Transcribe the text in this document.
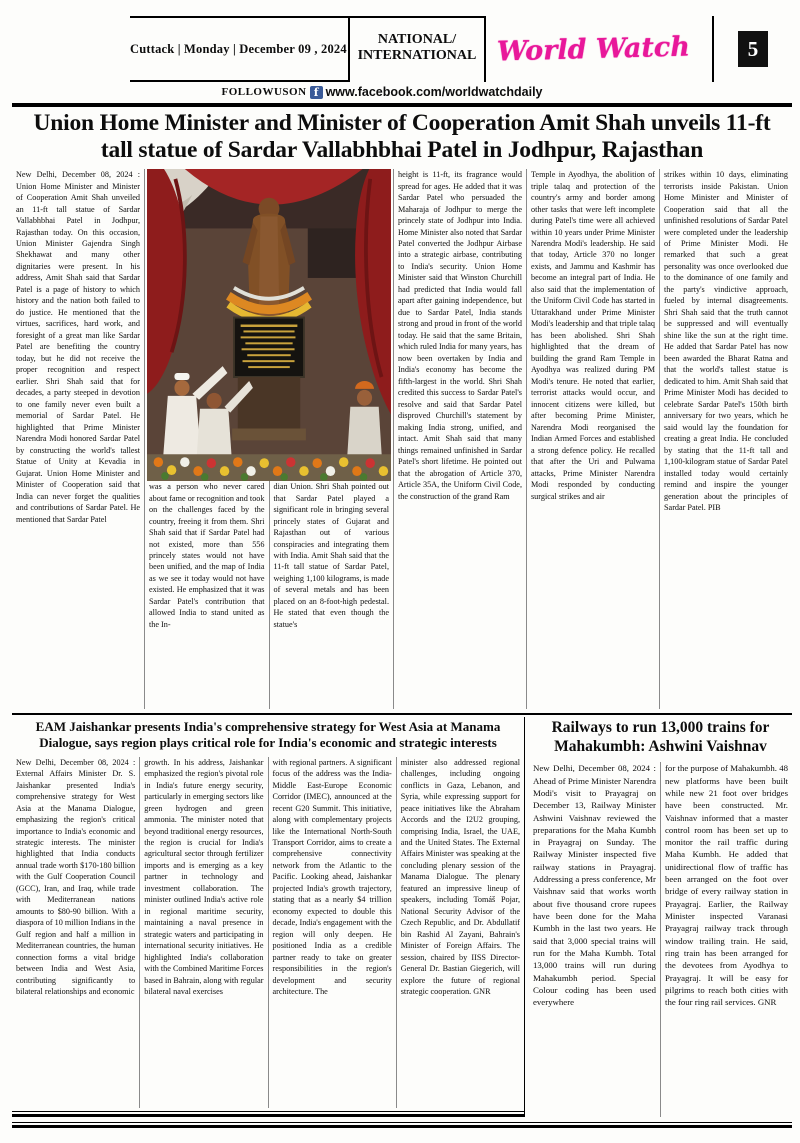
Cuttack | Monday | December 09 , 2024
NATIONAL/
INTERNATIONAL World Watch	5
FOLLOWUSON f www.facebook.com/worldwatchdaily
Union Home Minister and Minister of Cooperation Amit Shah unveils 11-ft tall statue of Sardar Vallabhbhai Patel in Jodhpur, Rajasthan
New Delhi, December 08, 2024 : Union Home Minister and Minister of Cooperation Amit Shah unveiled an 11-ft tall statue of Sardar Vallabhbhai Patel in Jodhpur, Rajasthan today. On this occasion, Union Minister Gajendra Singh Shekhawat and many other dignitaries were present. In his address, Amit Shah said that Sardar Patel is a page of history to which history and the nation both failed to do justice. He mentioned that the virtues, sacrifices, hard work, and foresight of a great man like Sardar Patel are benefiting the country today, but he did not receive the proper recognition and respect earlier. Shri Shah said that for decades, a party steeped in devotion to one family never even built a memorial of Sardar Patel. He highlighted that Prime Minister Narendra Modi honored Sardar Patel by constructing the world's tallest Statue of Unity at Kevadia in Gujarat. Union Home Minister and Minister of Cooperation said that India can never forget the qualities and contributions of Sardar Patel. He mentioned that Sardar Patel
was a person who never cared about fame or recognition and took on the challenges faced by the country, freeing it from them. Shri Shah said that if Sardar Patel had not existed, more than 556 princely states would not have been unified, and the map of India as we see it today would not have existed. He emphasized that it was Sardar Patel's contribution that allowed India to stand united as the In-
dian Union. Shri Shah pointed out that Sardar Patel played a significant role in bringing several princely states of Gujarat and Rajasthan out of various conspiracies and integrating them with India. Amit Shah said that the 11-ft tall statue of Sardar Patel, weighing 1,100 kilograms, is made of several metals and has been placed on an 8-foot-high pedestal. He stated that even though the statue's
height is 11-ft, its fragrance would spread for ages. He added that it was Sardar Patel who persuaded the Maharaja of Jodhpur to merge the princely state of Jodhpur into India. Home Minister also noted that Sardar Patel converted the Jodhpur Airbase into a strategic airbase, contributing to India's security. Union Home Minister said that Winston Churchill had predicted that India would fall apart after gaining independence, but due to Sardar Patel, India stands strong and proud in front of the world today. He said that the same Britain, which ruled India for many years, has now been overtaken by India and India's economy has become the fifth-largest in the world. Shri Shah credited this success to Sardar Patel's resolve and said that Sardar Patel disproved Churchill's statement by making India strong, unified, and intact. Amit Shah said that many things remained unfinished in Sardar Patel's short lifetime. He pointed out that the abrogation of Article 370, Article 35A, the Uniform Civil Code, the construction of the grand Ram
Temple in Ayodhya, the abolition of triple talaq and protection of the country's army and border among other tasks that were left incomplete during Patel's time were all achieved within 10 years under Prime Minister Narendra Modi's leadership. He said that today, Article 370 no longer exists, and Jammu and Kashmir has become an integral part of India. He also said that the implementation of the Uniform Civil Code has started in Uttarakhand under Prime Minister Modi's leadership and that triple talaq has been abolished. Shri Shah highlighted that the dream of building the grand Ram Temple in Ayodhya was realized during PM Modi's tenure. He noted that earlier, terrorist attacks would occur, and innocent citizens were killed, but after becoming Prime Minister, Narendra Modi reorganised the Indian Armed Forces and established a strong defence policy. He recalled that after the Uri and Pulwama attacks, Prime Minister Narendra Modi responded by conducting surgical strikes and air
strikes within 10 days, eliminating terrorists inside Pakistan. Union Home Minister and Minister of Cooperation said that all the unfinished resolutions of Sardar Patel were completed under the leadership of Prime Minister Modi. He remarked that such a great personality was once overlooked due to the dominance of one family and the party's vindictive approach, fueled by internal disagreements. Shri Shah said that the truth cannot be suppressed and will eventually shine like the sun at the right time. He added that Sardar Patel has now been awarded the Bharat Ratna and that the world's tallest statue is dedicated to him. Amit Shah said that Prime Minister Modi has decided to celebrate Sardar Patel's 150th birth anniversary for two years, which he said would lay the foundation for creating a great India. He concluded by stating that the 11-ft tall and 1,100-kilogram statue of Sardar Patel installed today would certainly remind and inspire the younger generation about the principles of Sardar Patel. PIB
EAM Jaishankar presents India's comprehensive strategy for West Asia at Manama Dialogue, says region plays critical role for India's economic and strategic interests
New Delhi, December 08, 2024 : External Affairs Minister Dr. S. Jaishankar presented India's comprehensive strategy for West Asia at the Manama Dialogue, emphasizing the region's critical importance to India's economic and strategic interests. The minister highlighted that India conducts annual trade worth $170-180 billion with the Gulf Cooperation Council (GCC), Iran, and Iraq, while trade with Mediterranean nations amounts to $80-90 billion. With a diaspora of 10 million Indians in the Gulf region and half a million in Mediterranean countries, the human connection forms a vital bridge between India and West Asia, contributing significantly to bilateral relationships and economic
growth. In his address, Jaishankar emphasized the region's pivotal role in India's future energy security, particularly in emerging sectors like green hydrogen and green ammonia. The minister noted that beyond traditional energy resources, the region is crucial for India's agricultural sector through fertilizer imports and is emerging as a key partner in technology and investment collaboration. The minister outlined India's active role in regional maritime security, maintaining a naval presence in strategic waters and participating in international security initiatives. He highlighted India's collaboration with the Combined Maritime Forces based in Bahrain, along with regular bilateral naval exercises
with regional partners. A significant focus of the address was the India-Middle East-Europe Economic Corridor (IMEC), announced at the recent G20 Summit. This initiative, along with complementary projects like the International North-South Transport Corridor, aims to create a comprehensive connectivity network from the Atlantic to the Pacific. Looking ahead, Jaishankar projected India's growth trajectory, stating that as a nearly $4 trillion economy expected to double this decade, India's engagement with the region will only deepen. He positioned India as a credible partner ready to take on greater responsibilities in the region's development and security architecture. The
minister also addressed regional challenges, including ongoing conflicts in Gaza, Lebanon, and Syria, while expressing support for peace initiatives like the Abraham Accords and the I2U2 grouping, comprising India, Israel, the UAE, and the United States. The External Affairs Minister was speaking at the concluding plenary session of the Manama Dialogue. The plenary featured an impressive lineup of speakers, including Tomáš Pojar, National Security Advisor of the Czech Republic, and Dr. Abdullatif bin Rashid Al Zayani, Bahrain's Minister of Foreign Affairs. The session, chaired by IISS Director-General Dr. Bastian Giegerich, will explore the future of regional strategic cooperation. GNR
Railways to run 13,000 trains for Mahakumbh: Ashwini Vaishnav
New Delhi, December 08, 2024 : Ahead of Prime Minister Narendra Modi's visit to Prayagraj on December 13, Railway Minister Ashwini Vaishnav reviewed the preparations for the Maha Kumbh in Prayagraj on Sunday. The Railway Minister inspected five railway stations in Prayagraj. Addressing a press conference, Mr Vaishnav said that works worth about five thousand crore rupees have been done for the Maha Kumbh in the last two years. He said that 3,000 special trains will run for the Maha Kumbh. Total 13,000 trains will run during Mahakumbh period. Special Colour coding has been used everywhere
for the purpose of Mahakumbh. 48 new platforms have been built while new 21 foot over bridges have been constructed. Mr. Vaishnav informed that a master control room has been set up to monitor the rail traffic during Maha Kumbh. He added that unidirectional flow of traffic has been arranged on the foot over bridge of every railway station in Prayagraj. Earlier, the Railway Minister inspected Varanasi Prayagraj railway track through window trailing train. He said, ring train has been arranged for the devotees from Ayodhya to Prayagraj. It will be easy for pilgrims to reach both cities with the four ring rail services. GNR
